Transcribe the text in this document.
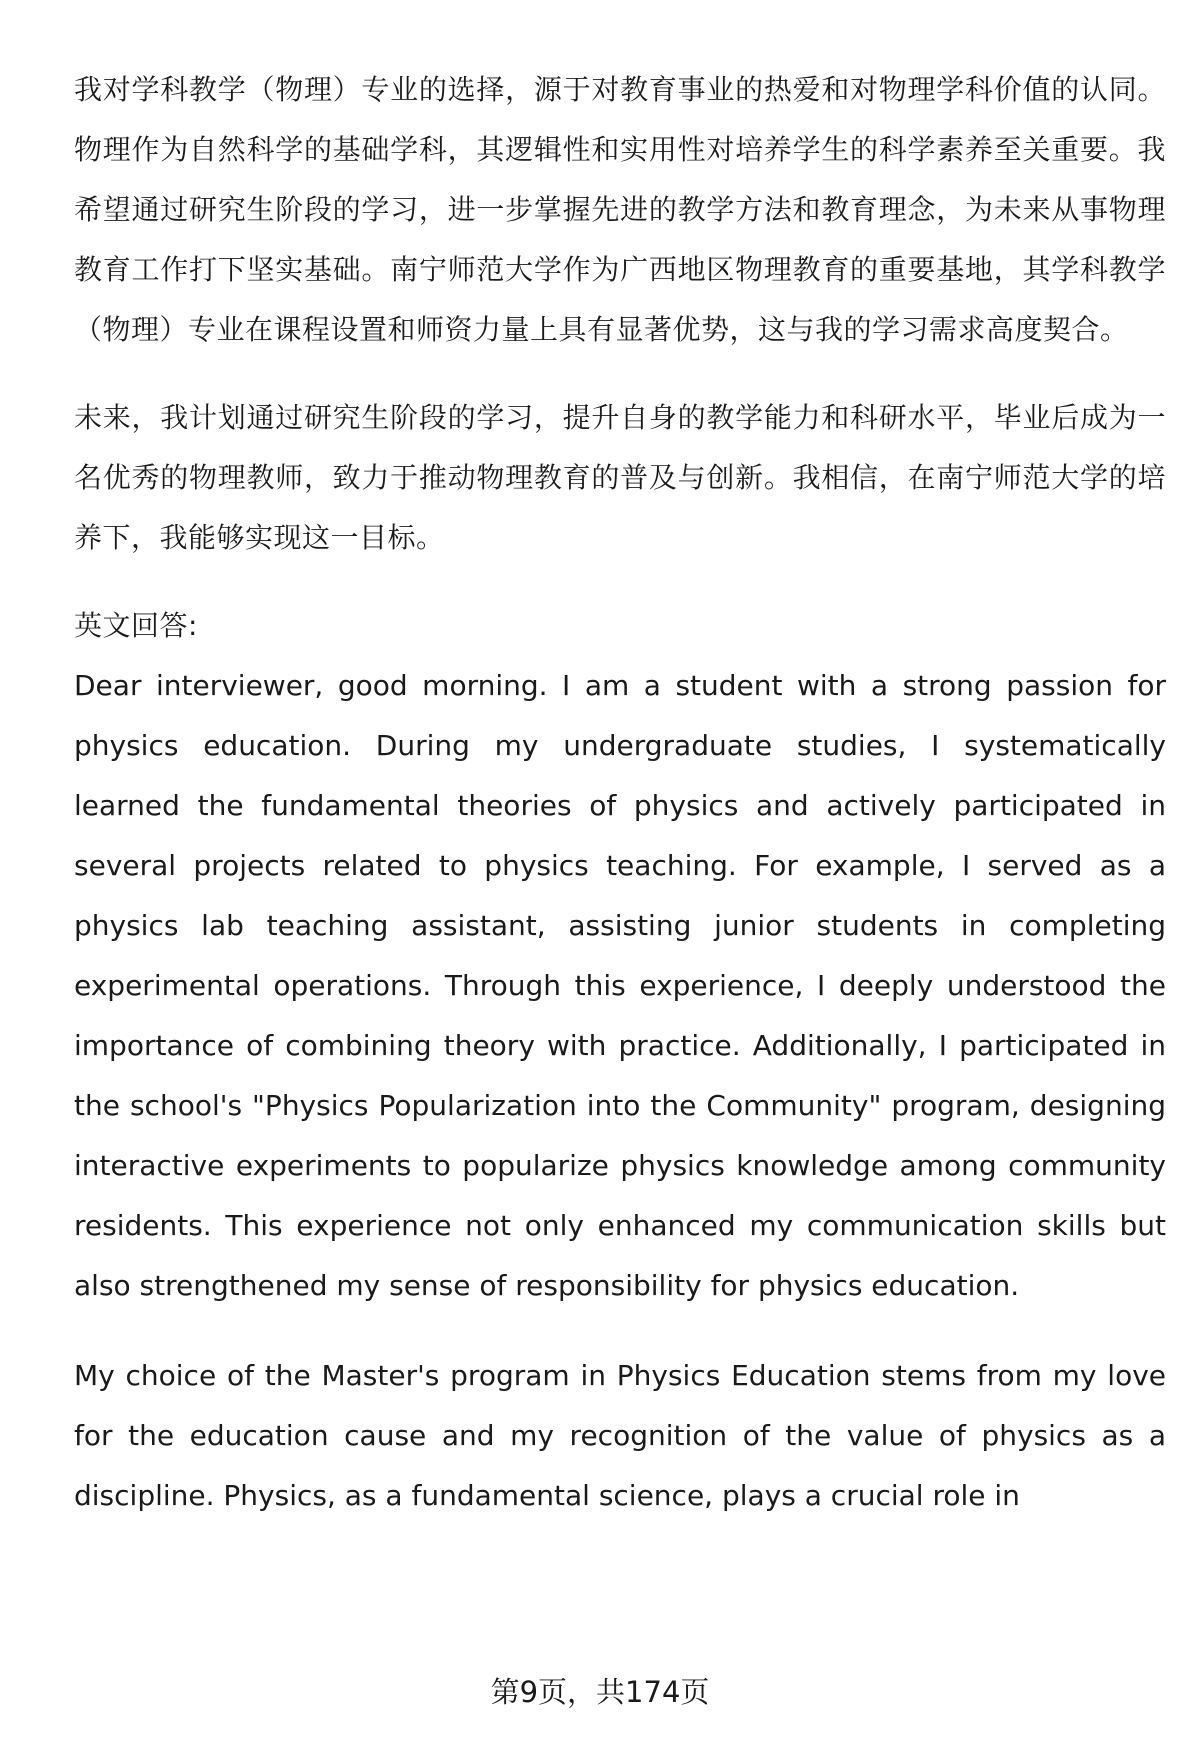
我对学科教学（物理）专业的选择，源于对教育事业的热爱和对物理学科价值的认同。物理作为自然科学的基础学科，其逻辑性和实用性对培养学生的科学素养至关重要。我希望通过研究生阶段的学习，进一步掌握先进的教学方法和教育理念，为未来从事物理教育工作打下坚实基础。南宁师范大学作为广西地区物理教育的重要基地，其学科教学（物理）专业在课程设置和师资力量上具有显著优势，这与我的学习需求高度契合。

未来，我计划通过研究生阶段的学习，提升自身的教学能力和科研水平，毕业后成为一名优秀的物理教师，致力于推动物理教育的普及与创新。我相信，在南宁师范大学的培养下，我能够实现这一目标。

英文回答:

Dear interviewer, good morning. I am a student with a strong passion for physics education. During my undergraduate studies, I systematically learned the fundamental theories of physics and actively participated in several projects related to physics teaching. For example, I served as a physics lab teaching assistant, assisting junior students in completing experimental operations. Through this experience, I deeply understood the importance of combining theory with practice. Additionally, I participated in the school's "Physics Popularization into the Community" program, designing interactive experiments to popularize physics knowledge among community residents. This experience not only enhanced my communication skills but also strengthened my sense of responsibility for physics education.

My choice of the Master's program in Physics Education stems from my love for the education cause and my recognition of the value of physics as a discipline. Physics, as a fundamental science, plays a crucial role in

第9页，共174页
